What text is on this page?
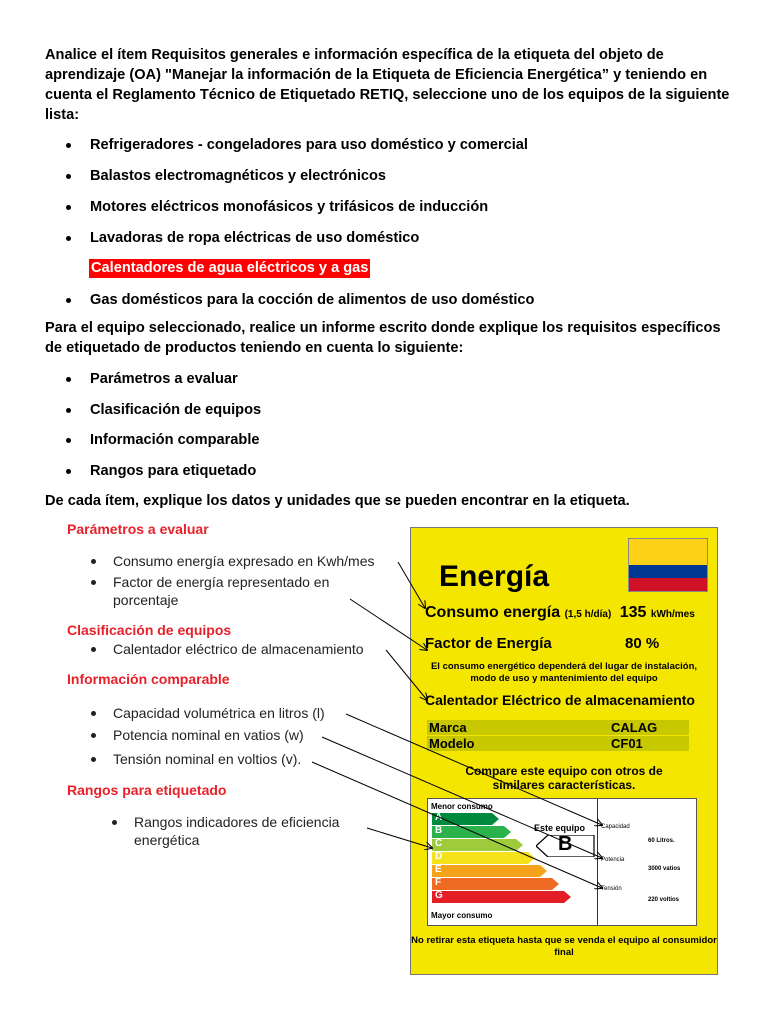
Analice el ítem Requisitos generales e información específica de la etiqueta del objeto de aprendizaje (OA) "Manejar la información de la Etiqueta de Eficiencia Energética” y teniendo en cuenta el Reglamento Técnico de Etiquetado RETIQ, seleccione uno de los equipos de la siguiente lista:

Refrigeradores - congeladores para uso doméstico y comercial
Balastos electromagnéticos y electrónicos
Motores eléctricos monofásicos y trifásicos de inducción
Lavadoras de ropa eléctricas de uso doméstico
Gas domésticos para la cocción de alimentos de uso doméstico
Calentadores de agua eléctricos y a gas

Para el equipo seleccionado, realice un informe escrito donde explique los requisitos específicos de etiquetado de productos teniendo en cuenta lo siguiente:

Parámetros a evaluar
Clasificación de equipos
Información comparable
Rangos para etiquetado

De cada ítem, explique los datos y unidades que se pueden encontrar en la etiqueta.

Parámetros a evaluar
Consumo energía expresado en Kwh/mes
Factor de energía representado en porcentaje
Clasificación de equipos
Calentador eléctrico de almacenamiento
Información comparable
Capacidad volumétrica en litros (l)
Potencia nominal en vatios (w)
Tensión nominal en voltios (v).
Rangos para etiquetado
Rangos indicadores de eficiencia energética
Energía
Consumo energía (1,5 h/día) 135 kWh/mes
Factor de Energía	80 %
El consumo energético dependerá del lugar de instalación, modo de uso y mantenimiento del equipo
Calentador Eléctrico de almacenamiento
Marca	CALAG
Modelo	CF01
Compare este equipo con otros de similares características.
Menor consumo
A
B
C
D
E
F
G
Mayor consumo
Este equipo
B
Capacidad
60 Litros.
Potencia
3000 vatios
Tensión
220 voltios
No retirar esta etiqueta hasta que se venda el equipo al consumidor final
